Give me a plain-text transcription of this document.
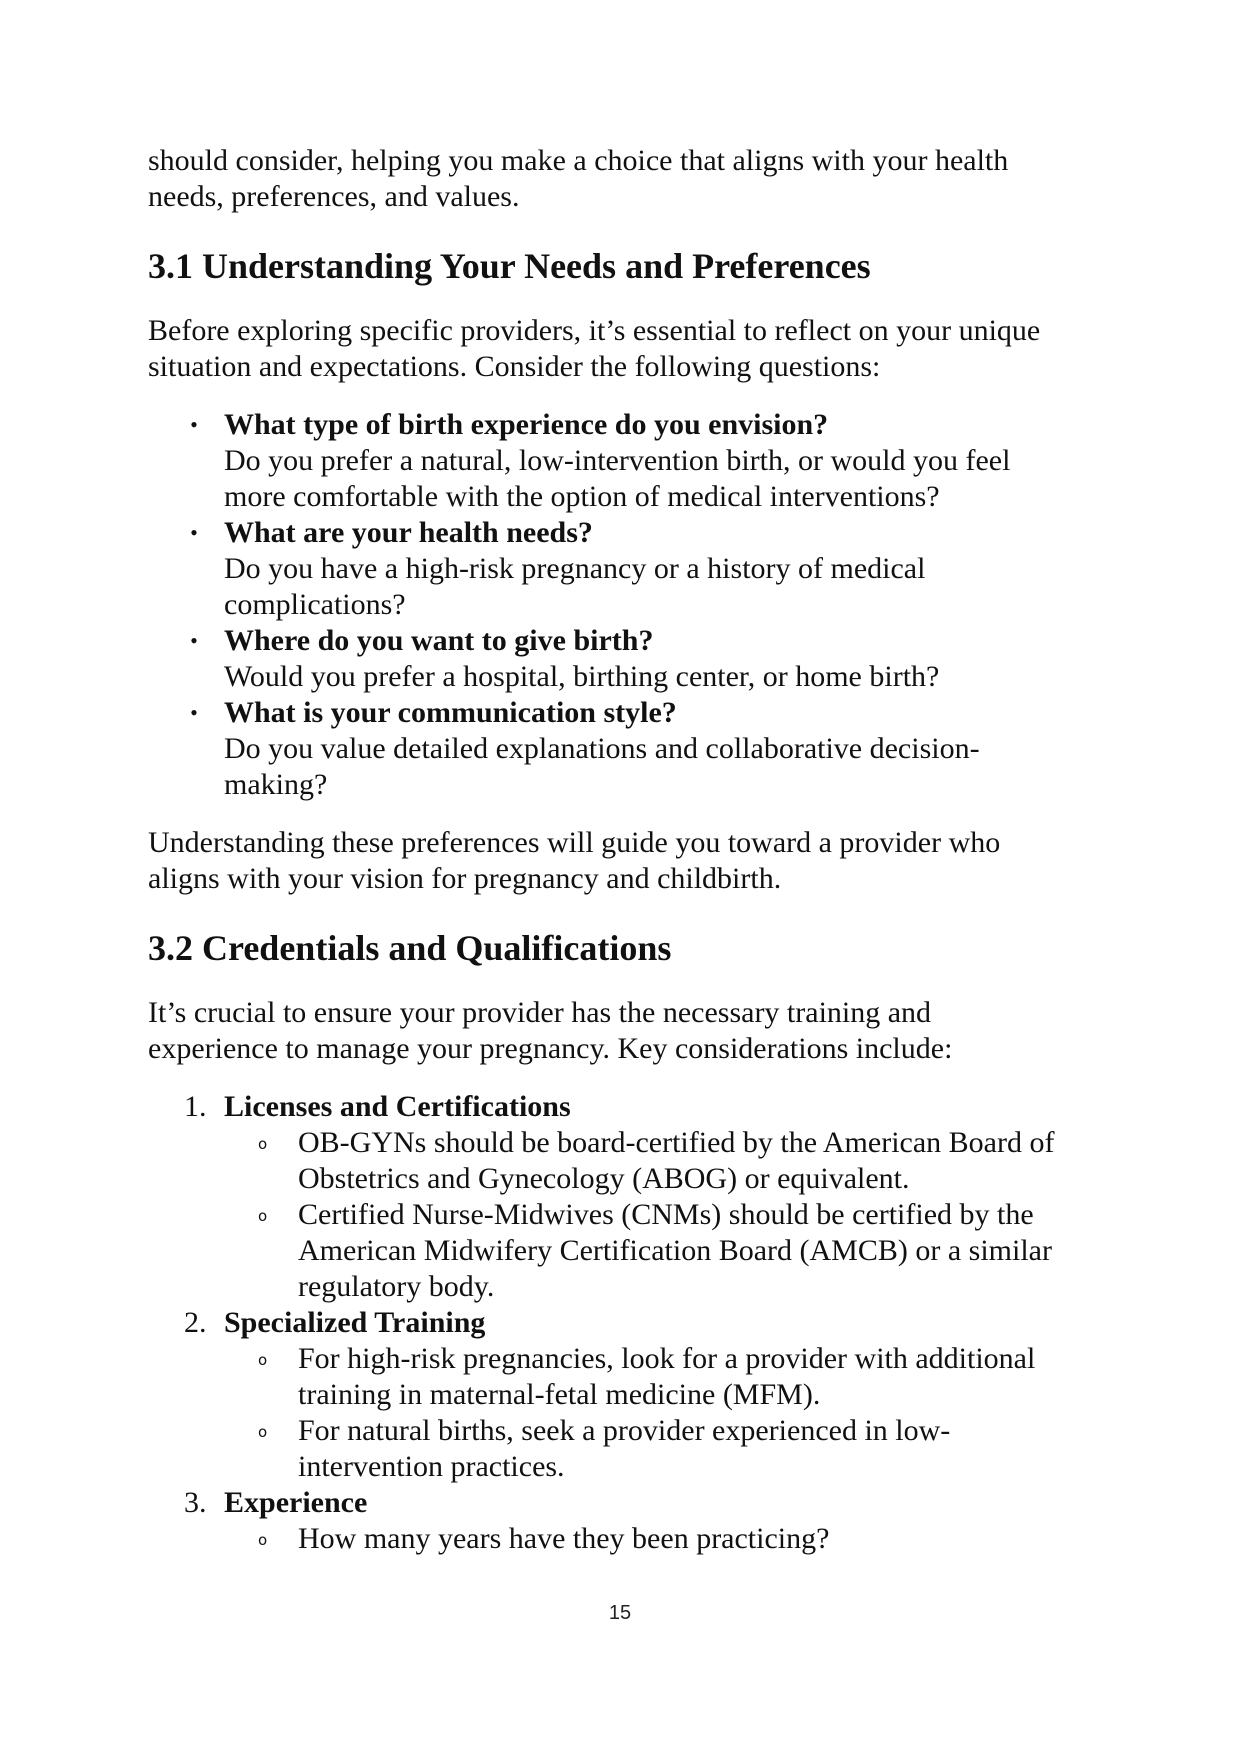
should consider, helping you make a choice that aligns with your health
needs, preferences, and values.

3.1 Understanding Your Needs and Preferences

Before exploring specific providers, it’s essential to reflect on your unique
situation and expectations. Consider the following questions:

• What type of birth experience do you envision?
Do you prefer a natural, low-intervention birth, or would you feel
more comfortable with the option of medical interventions?
• What are your health needs?
Do you have a high-risk pregnancy or a history of medical
complications?
• Where do you want to give birth?
Would you prefer a hospital, birthing center, or home birth?
• What is your communication style?
Do you value detailed explanations and collaborative decision-
making?

Understanding these preferences will guide you toward a provider who
aligns with your vision for pregnancy and childbirth.

3.2 Credentials and Qualifications

It’s crucial to ensure your provider has the necessary training and
experience to manage your pregnancy. Key considerations include:

1. Licenses and Certifications
o OB-GYNs should be board-certified by the American Board of
Obstetrics and Gynecology (ABOG) or equivalent.
o Certified Nurse-Midwives (CNMs) should be certified by the
American Midwifery Certification Board (AMCB) or a similar
regulatory body.
2. Specialized Training
o For high-risk pregnancies, look for a provider with additional
training in maternal-fetal medicine (MFM).
o For natural births, seek a provider experienced in low-
intervention practices.
3. Experience
o How many years have they been practicing?
15
